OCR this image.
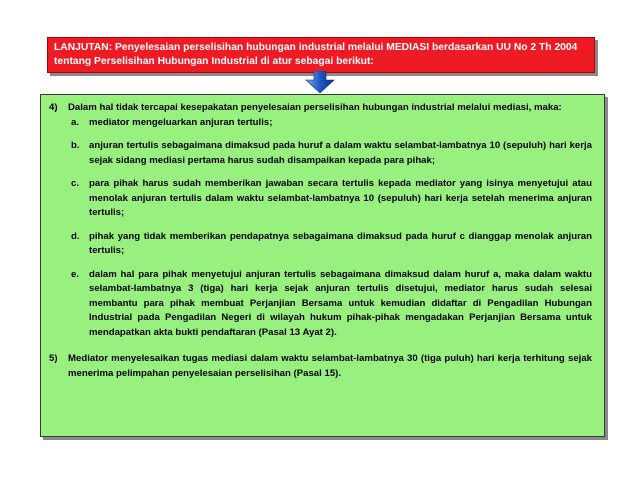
LANJUTAN: Penyelesaian perselisihan hubungan industrial melalui MEDIASI berdasarkan UU No 2 Th 2004 tentang Perselisihan Hubungan Industrial di atur sebagai berikut:
4) Dalam hal tidak tercapai kesepakatan penyelesaian perselisihan hubungan industrial melalui mediasi, maka:
a. mediator mengeluarkan anjuran tertulis;
b. anjuran tertulis sebagaimana dimaksud pada huruf a dalam waktu selambat-lambatnya 10 (sepuluh) hari kerja sejak sidang mediasi pertama harus sudah disampaikan kepada para pihak;
c. para pihak harus sudah memberikan jawaban secara tertulis kepada mediator yang isinya menyetujui atau menolak anjuran tertulis dalam waktu selambat-lambatnya 10 (sepuluh) hari kerja setelah menerima anjuran tertulis;
d. pihak yang tidak memberikan pendapatnya sebagaimana dimaksud pada huruf c dianggap menolak anjuran tertulis;
e. dalam hal para pihak menyetujui anjuran tertulis sebagaimana dimaksud dalam huruf a, maka dalam waktu selambat-lambatnya 3 (tiga) hari kerja sejak anjuran tertulis disetujui, mediator harus sudah selesai membantu para pihak membuat Perjanjian Bersama untuk kemudian didaftar di Pengadilan Hubungan Industrial pada Pengadilan Negeri di wilayah hukum pihak-pihak mengadakan Perjanjian Bersama untuk mendapatkan akta bukti pendaftaran (Pasal 13 Ayat 2).
5) Mediator menyelesaikan tugas mediasi dalam waktu selambat-lambatnya 30 (tiga puluh) hari kerja terhitung sejak menerima pelimpahan penyelesaian perselisihan (Pasal 15).
